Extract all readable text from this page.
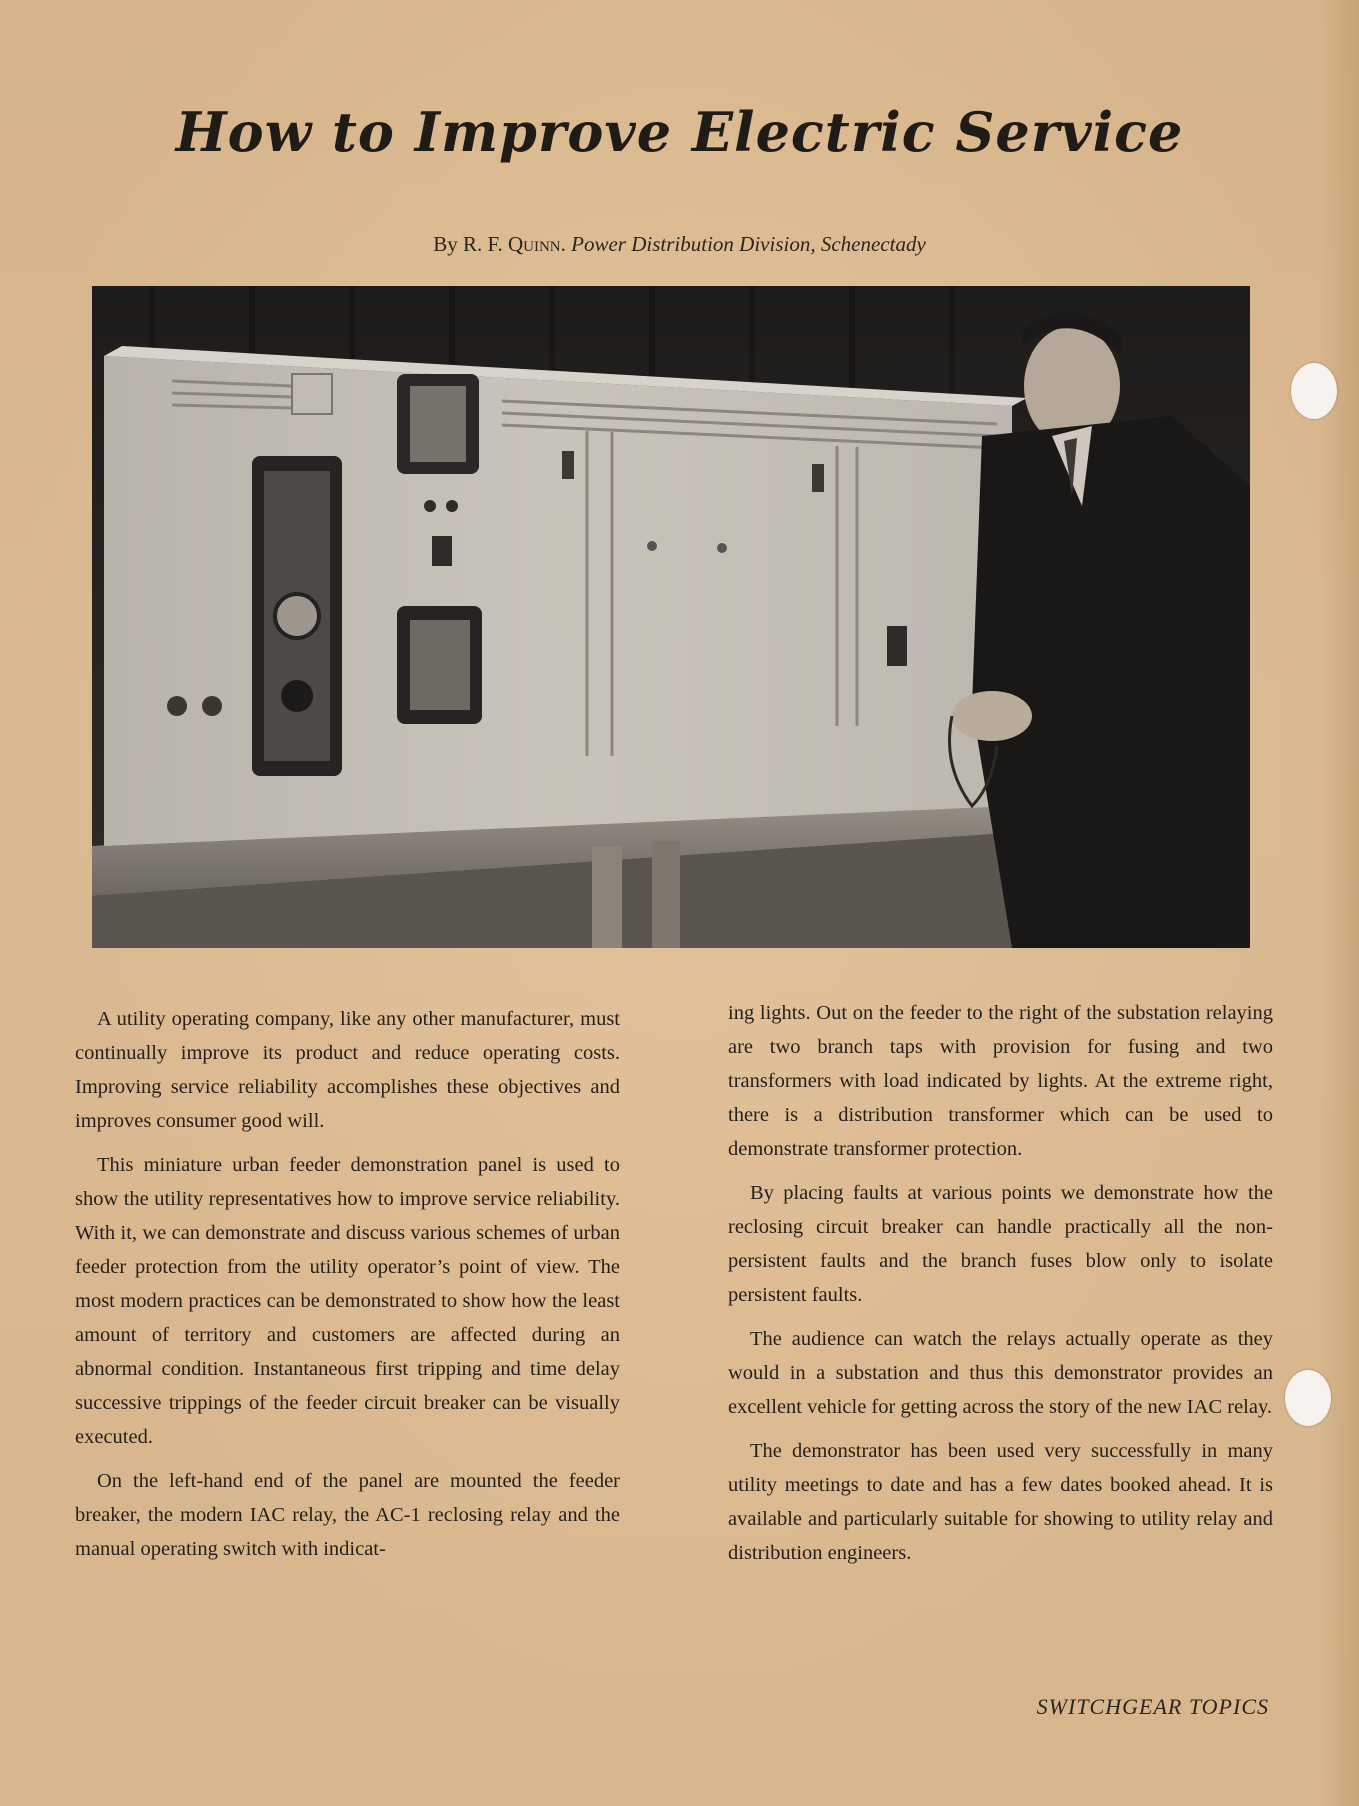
How to Improve Electric Service
By R. F. Quinn. Power Distribution Division, Schenectady

A utility operating company, like any other manufacturer, must continually improve its product and reduce operating costs. Improving service reliability accomplishes these objectives and improves consumer good will.

This miniature urban feeder demonstration panel is used to show the utility representatives how to improve service reliability. With it, we can demonstrate and discuss various schemes of urban feeder protection from the utility operator’s point of view. The most modern practices can be demonstrated to show how the least amount of territory and customers are affected during an abnormal condition. Instantaneous first tripping and time delay successive trippings of the feeder circuit breaker can be visually executed.

On the left-hand end of the panel are mounted the feeder breaker, the modern IAC relay, the AC-1 reclosing relay and the manual operating switch with indicat-

ing lights. Out on the feeder to the right of the substation relaying are two branch taps with provision for fusing and two transformers with load indicated by lights. At the extreme right, there is a distribution transformer which can be used to demonstrate transformer protection.

By placing faults at various points we demonstrate how the reclosing circuit breaker can handle practically all the non-persistent faults and the branch fuses blow only to isolate persistent faults.

The audience can watch the relays actually operate as they would in a substation and thus this demonstrator provides an excellent vehicle for getting across the story of the new IAC relay.

The demonstrator has been used very successfully in many utility meetings to date and has a few dates booked ahead. It is available and particularly suitable for showing to utility relay and distribution engineers.

SWITCHGEAR TOPICS
